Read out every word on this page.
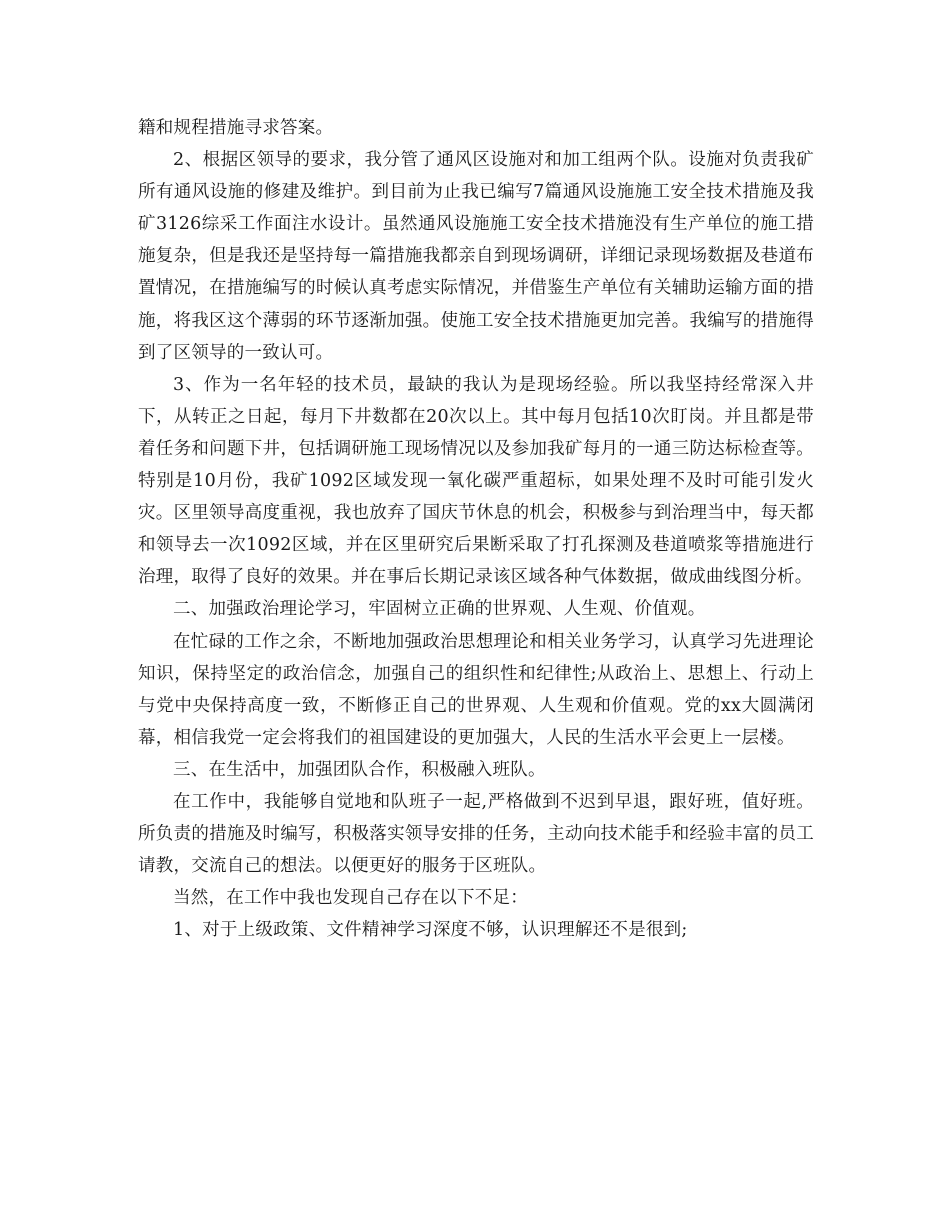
籍和规程措施寻求答案。

2、根据区领导的要求，我分管了通风区设施对和加工组两个队。设施对负责我矿所有通风设施的修建及维护。到目前为止我已编写7篇通风设施施工安全技术措施及我矿3126综采工作面注水设计。虽然通风设施施工安全技术措施没有生产单位的施工措施复杂，但是我还是坚持每一篇措施我都亲自到现场调研，详细记录现场数据及巷道布置情况，在措施编写的时候认真考虑实际情况，并借鉴生产单位有关辅助运输方面的措施，将我区这个薄弱的环节逐渐加强。使施工安全技术措施更加完善。我编写的措施得到了区领导的一致认可。

3、作为一名年轻的技术员，最缺的我认为是现场经验。所以我坚持经常深入井下，从转正之日起，每月下井数都在20次以上。其中每月包括10次盯岗。并且都是带着任务和问题下井，包括调研施工现场情况以及参加我矿每月的一通三防达标检查等。特别是10月份，我矿1092区域发现一氧化碳严重超标，如果处理不及时可能引发火灾。区里领导高度重视，我也放弃了国庆节休息的机会，积极参与到治理当中，每天都和领导去一次1092区域，并在区里研究后果断采取了打孔探测及巷道喷浆等措施进行治理，取得了良好的效果。并在事后长期记录该区域各种气体数据，做成曲线图分析。

二、加强政治理论学习，牢固树立正确的世界观、人生观、价值观。

在忙碌的工作之余，不断地加强政治思想理论和相关业务学习，认真学习先进理论知识，保持坚定的政治信念，加强自己的组织性和纪律性;从政治上、思想上、行动上与党中央保持高度一致，不断修正自己的世界观、人生观和价值观。党的xx大圆满闭幕，相信我党一定会将我们的祖国建设的更加强大，人民的生活水平会更上一层楼。

三、在生活中，加强团队合作，积极融入班队。

在工作中，我能够自觉地和队班子一起,严格做到不迟到早退，跟好班，值好班。所负责的措施及时编写，积极落实领导安排的任务，主动向技术能手和经验丰富的员工请教，交流自己的想法。以便更好的服务于区班队。

当然，在工作中我也发现自己存在以下不足：

1、对于上级政策、文件精神学习深度不够，认识理解还不是很到;
